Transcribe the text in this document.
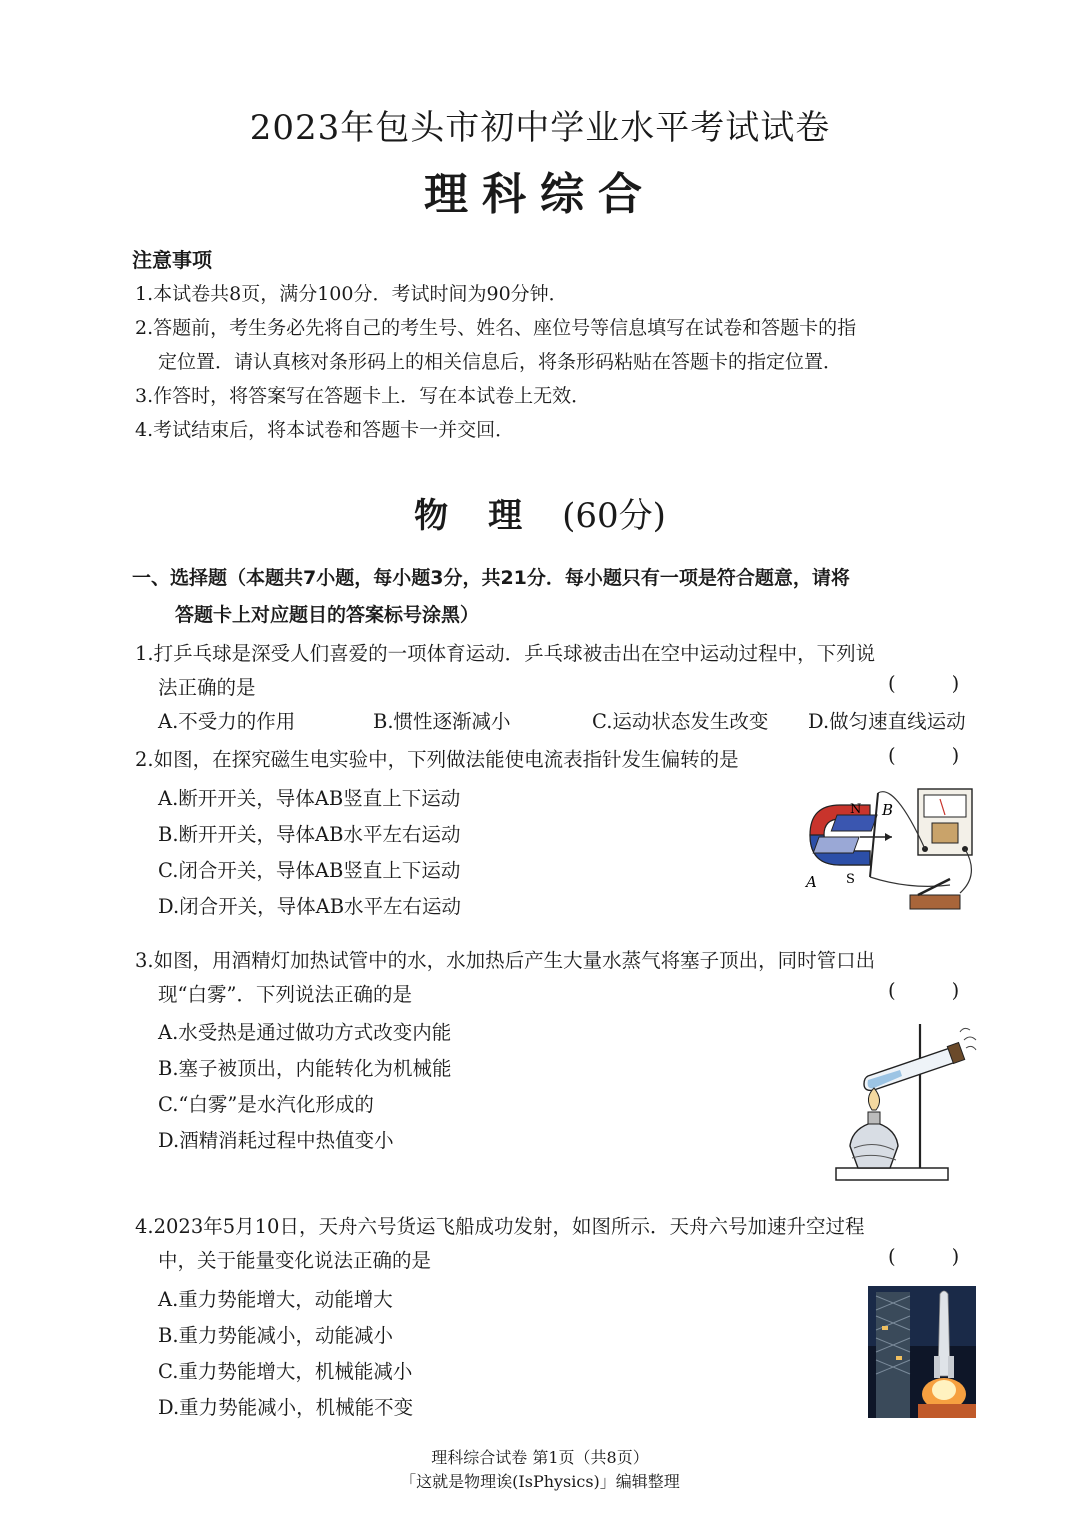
2023年包头市初中学业水平考试试卷
理科综合
注意事项
1.本试卷共8页，满分100分．考试时间为90分钟．
2.答题前，考生务必先将自己的考生号、姓名、座位号等信息填写在试卷和答题卡的指
定位置．请认真核对条形码上的相关信息后，将条形码粘贴在答题卡的指定位置．
3.作答时，将答案写在答题卡上．写在本试卷上无效．
4.考试结束后，将本试卷和答题卡一并交回．
物 理 (60分)
一、选择题（本题共7小题，每小题3分，共21分．每小题只有一项是符合题意，请将
答题卡上对应题目的答案标号涂黑）
1.打乒乓球是深受人们喜爱的一项体育运动．乒乓球被击出在空中运动过程中，下列说
法正确的是
( )
A.不受力的作用	B.惯性逐渐减小	C.运动状态发生改变 D.做匀速直线运动
2.如图，在探究磁生电实验中，下列做法能使电流表指针发生偏转的是
( )
A.断开开关，导体AB竖直上下运动
B.断开开关，导体AB水平左右运动
C.闭合开关，导体AB竖直上下运动
D.闭合开关，导体AB水平左右运动
N B
A S
3.如图，用酒精灯加热试管中的水，水加热后产生大量水蒸气将塞子顶出，同时管口出
现“白雾”．下列说法正确的是
( )
A.水受热是通过做功方式改变内能
B.塞子被顶出，内能转化为机械能
C.“白雾”是水汽化形成的
D.酒精消耗过程中热值变小
4.2023年5月10日，天舟六号货运飞船成功发射，如图所示．天舟六号加速升空过程
中，关于能量变化说法正确的是
( )
A.重力势能增大，动能增大
B.重力势能减小，动能减小
C.重力势能增大，机械能减小
D.重力势能减小，机械能不变
理科综合试卷 第1页（共8页）
「这就是物理诶(IsPhysics)」编辑整理
